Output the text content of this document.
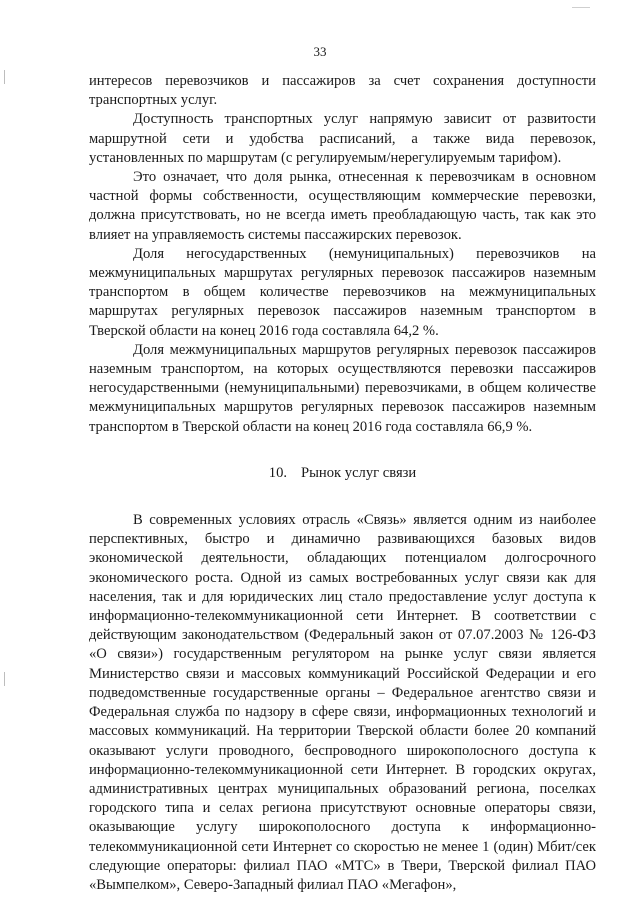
33

интересов перевозчиков и пассажиров за счет сохранения доступности транспортных услуг.

Доступность транспортных услуг напрямую зависит от развитости маршрутной сети и удобства расписаний, а также вида перевозок, установленных по маршрутам (с регулируемым/нерегулируемым тарифом).

Это означает, что доля рынка, отнесенная к перевозчикам в основном частной формы собственности, осуществляющим коммерческие перевозки, должна присутствовать, но не всегда иметь преобладающую часть, так как это влияет на управляемость системы пассажирских перевозок.

Доля негосударственных (немуниципальных) перевозчиков на межмуниципальных маршрутах регулярных перевозок пассажиров наземным транспортом в общем количестве перевозчиков на межмуниципальных маршрутах регулярных перевозок пассажиров наземным транспортом в Тверской области на конец 2016 года составляла 64,2 %.

Доля межмуниципальных маршрутов регулярных перевозок пассажиров наземным транспортом, на которых осуществляются перевозки пассажиров негосударственными (немуниципальными) перевозчиками, в общем количестве межмуниципальных маршрутов регулярных перевозок пассажиров наземным транспортом в Тверской области на конец 2016 года составляла 66,9 %.

10. Рынок услуг связи

В современных условиях отрасль «Связь» является одним из наиболее перспективных, быстро и динамично развивающихся базовых видов экономической деятельности, обладающих потенциалом долгосрочного экономического роста. Одной из самых востребованных услуг связи как для населения, так и для юридических лиц стало предоставление услуг доступа к информационно-телекоммуникационной сети Интернет. В соответствии с действующим законодательством (Федеральный закон от 07.07.2003 № 126-ФЗ «О связи») государственным регулятором на рынке услуг связи является Министерство связи и массовых коммуникаций Российской Федерации и его подведомственные государственные органы – Федеральное агентство связи и Федеральная служба по надзору в сфере связи, информационных технологий и массовых коммуникаций. На территории Тверской области более 20 компаний оказывают услуги проводного, беспроводного широкополосного доступа к информационно-телекоммуникационной сети Интернет. В городских округах, административных центрах муниципальных образований региона, поселках городского типа и селах региона присутствуют основные операторы связи, оказывающие услугу широкополосного доступа к информационно-телекоммуникационной сети Интернет со скоростью не менее 1 (один) Мбит/сек следующие операторы: филиал ПАО «МТС» в Твери, Тверской филиал ПАО «Вымпелком», Северо-Западный филиал ПАО «Мегафон»,
